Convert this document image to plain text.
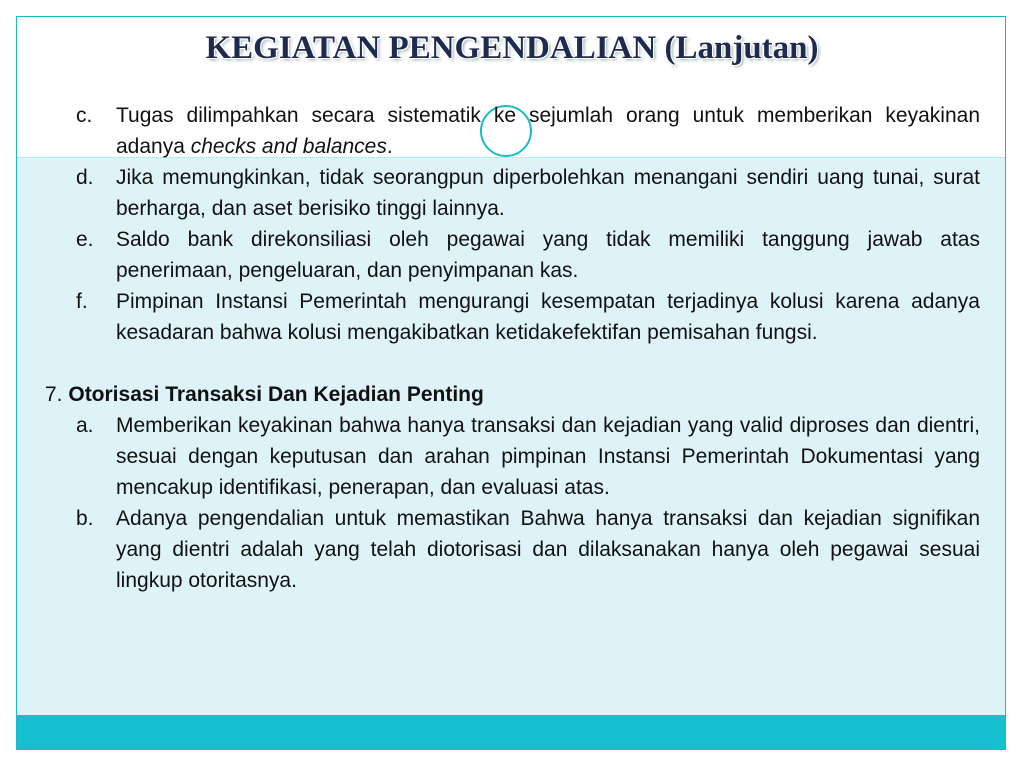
KEGIATAN PENGENDALIAN (Lanjutan)
c. Tugas dilimpahkan secara sistematik ke sejumlah orang untuk memberikan keyakinan adanya checks and balances.
d. Jika memungkinkan, tidak seorangpun diperbolehkan menangani sendiri uang tunai, surat berharga, dan aset berisiko tinggi lainnya.
e. Saldo bank direkonsiliasi oleh pegawai yang tidak memiliki tanggung jawab atas penerimaan, pengeluaran, dan penyimpanan kas.
f. Pimpinan Instansi Pemerintah mengurangi kesempatan terjadinya kolusi karena adanya kesadaran bahwa kolusi mengakibatkan ketidakefektifan pemisahan fungsi.
7. Otorisasi Transaksi Dan Kejadian Penting
a. Memberikan keyakinan bahwa hanya transaksi dan kejadian yang valid diproses dan dientri, sesuai dengan keputusan dan arahan pimpinan Instansi Pemerintah Dokumentasi yang mencakup identifikasi, penerapan, dan evaluasi atas.
b. Adanya pengendalian untuk memastikan Bahwa hanya transaksi dan kejadian signifikan yang dientri adalah yang telah diotorisasi dan dilaksanakan hanya oleh pegawai sesuai lingkup otoritasnya.
